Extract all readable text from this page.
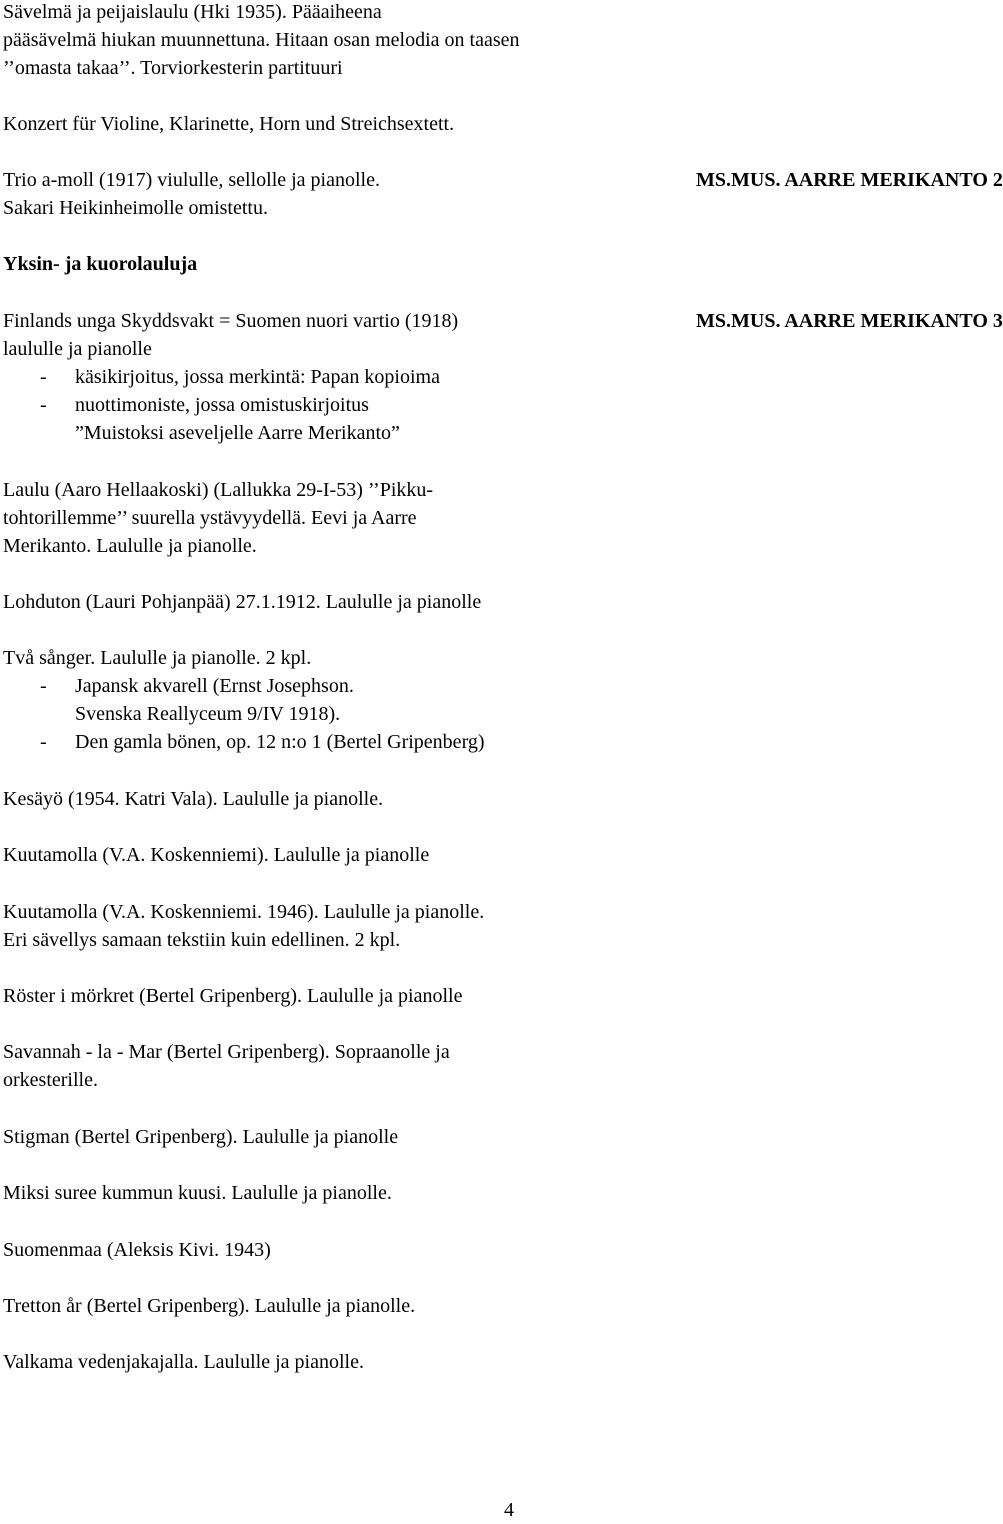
Sävelmä ja peijaislaulu (Hki 1935). Pääaiheena
pääsävelmä hiukan muunnettuna. Hitaan osan melodia on taasen
’’omasta takaa’’. Torviorkesterin partituuri
Konzert für Violine, Klarinette, Horn und Streichsextett.
Trio a-moll (1917) viululle, sellolle ja pianolle.	MS.MUS. AARRE MERIKANTO 2
Sakari Heikinheimolle omistettu.
Yksin- ja kuorolauluja
Finlands unga Skyddsvakt = Suomen nuori vartio (1918)	MS.MUS. AARRE MERIKANTO 3
laululle ja pianolle
- käsikirjoitus, jossa merkintä: Papan kopioima
- nuottimoniste, jossa omistuskirjoitus
”Muistoksi aseveljelle Aarre Merikanto”
Laulu (Aaro Hellaakoski) (Lallukka 29-I-53) ’’Pikku-
tohtorillemme’’ suurella ystävyydellä. Eevi ja Aarre
Merikanto. Laululle ja pianolle.
Lohduton (Lauri Pohjanpää) 27.1.1912. Laululle ja pianolle
Två sånger. Laululle ja pianolle. 2 kpl.
- Japansk akvarell (Ernst Josephson.
Svenska Reallyceum 9/IV 1918).
- Den gamla bönen, op. 12 n:o 1 (Bertel Gripenberg)
Kesäyö (1954. Katri Vala). Laululle ja pianolle.
Kuutamolla (V.A. Koskenniemi). Laululle ja pianolle
Kuutamolla (V.A. Koskenniemi. 1946). Laululle ja pianolle.
Eri sävellys samaan tekstiin kuin edellinen. 2 kpl.
Röster i mörkret (Bertel Gripenberg). Laululle ja pianolle
Savannah - la - Mar (Bertel Gripenberg). Sopraanolle ja
orkesterille.
Stigman (Bertel Gripenberg). Laululle ja pianolle
Miksi suree kummun kuusi. Laululle ja pianolle.
Suomenmaa (Aleksis Kivi. 1943)
Tretton år (Bertel Gripenberg). Laululle ja pianolle.
Valkama vedenjakajalla. Laululle ja pianolle.
4
